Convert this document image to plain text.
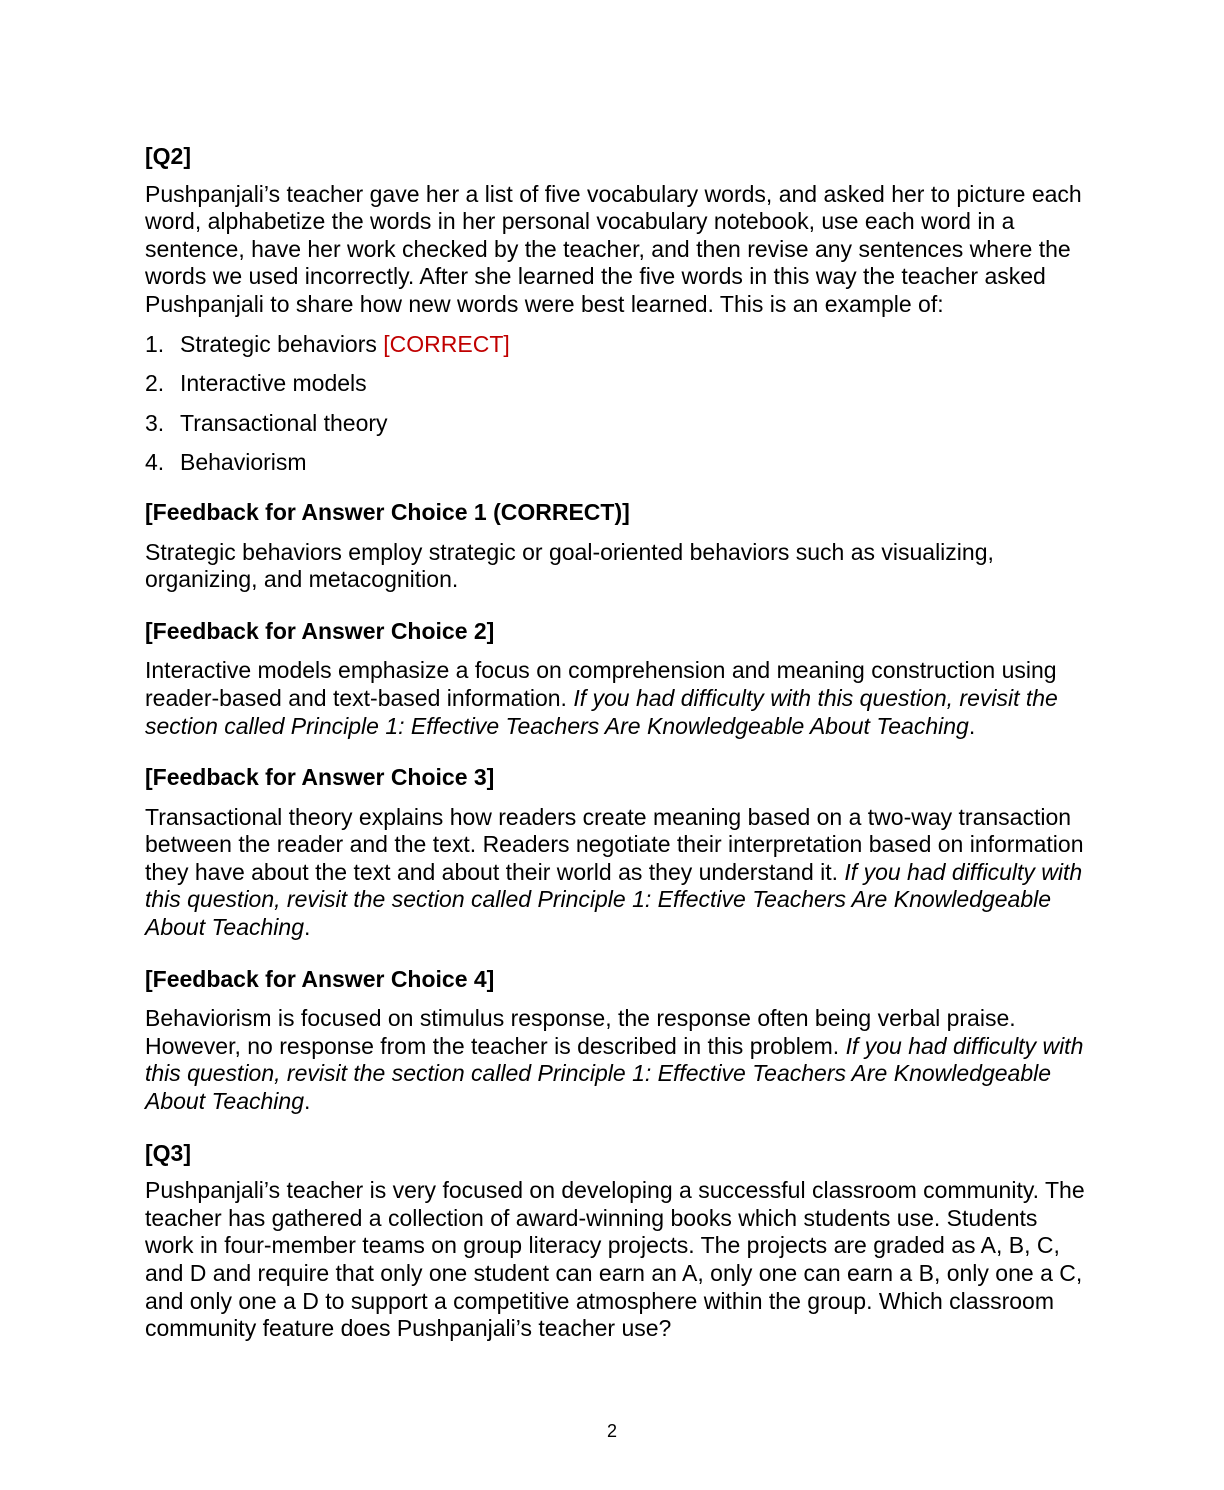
[Q2]
Pushpanjali’s teacher gave her a list of five vocabulary words, and asked her to picture each word, alphabetize the words in her personal vocabulary notebook, use each word in a sentence, have her work checked by the teacher, and then revise any sentences where the words we used incorrectly. After she learned the five words in this way the teacher asked Pushpanjali to share how new words were best learned. This is an example of:
1. Strategic behaviors [CORRECT]
2. Interactive models
3. Transactional theory
4. Behaviorism
[Feedback for Answer Choice 1 (CORRECT)]
Strategic behaviors employ strategic or goal-oriented behaviors such as visualizing, organizing, and metacognition.
[Feedback for Answer Choice 2]
Interactive models emphasize a focus on comprehension and meaning construction using reader-based and text-based information. If you had difficulty with this question, revisit the section called Principle 1: Effective Teachers Are Knowledgeable About Teaching.
[Feedback for Answer Choice 3]
Transactional theory explains how readers create meaning based on a two-way transaction between the reader and the text. Readers negotiate their interpretation based on information they have about the text and about their world as they understand it. If you had difficulty with this question, revisit the section called Principle 1: Effective Teachers Are Knowledgeable About Teaching.
[Feedback for Answer Choice 4]
Behaviorism is focused on stimulus response, the response often being verbal praise. However, no response from the teacher is described in this problem. If you had difficulty with this question, revisit the section called Principle 1: Effective Teachers Are Knowledgeable About Teaching.
[Q3]
Pushpanjali’s teacher is very focused on developing a successful classroom community. The teacher has gathered a collection of award-winning books which students use. Students work in four-member teams on group literacy projects. The projects are graded as A, B, C, and D and require that only one student can earn an A, only one can earn a B, only one a C, and only one a D to support a competitive atmosphere within the group. Which classroom community feature does Pushpanjali’s teacher use?
2
